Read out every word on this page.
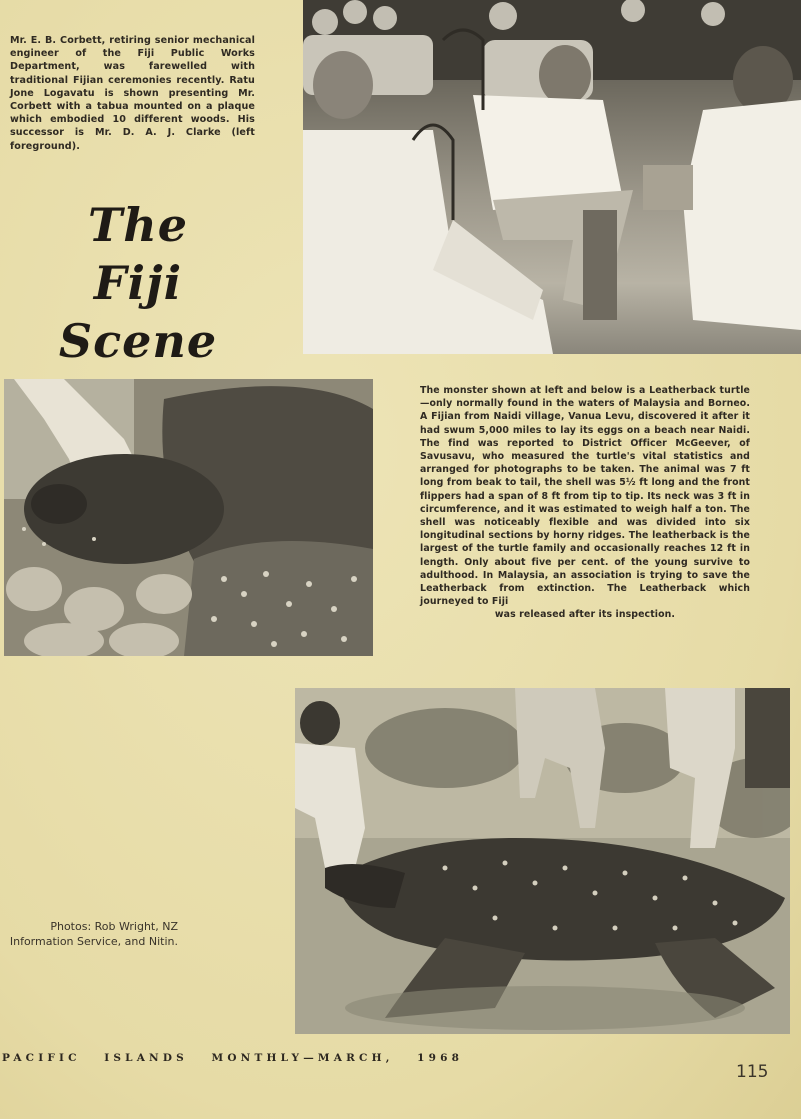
Mr. E. B. Corbett, retiring senior mechanical engineer of the Fiji Public Works Department, was farewelled with traditional Fijian ceremonies recently. Ratu Jone Logavatu is shown presenting Mr. Corbett with a tabua mounted on a plaque which embodied 10 different woods. His successor is Mr. D. A. J. Clarke (left foreground).
The Fiji
Scene
The monster shown at left and below is a Leatherback turtle—only normally found in the waters of Malaysia and Borneo. A Fijian from Naidi village, Vanua Levu, discovered it after it had swum 5,000 miles to lay its eggs on a beach near Naidi. The find was reported to District Officer McGeever, of Savusavu, who measured the turtle's vital statistics and arranged for photographs to be taken. The animal was 7 ft long from beak to tail, the shell was 5½ ft long and the front flippers had a span of 8 ft from tip to tip. Its neck was 3 ft in circumference, and it was estimated to weigh half a ton. The shell was noticeably flexible and was divided into six longitudinal sections by horny ridges. The leatherback is the largest of the turtle family and occasionally reaches 12 ft in length. Only about five per cent. of the young survive to adulthood. In Malaysia, an association is trying to save the Leatherback from extinction. The Leatherback which journeyed to Fiji
was released after its inspection.
Photos: Rob Wright, NZ
Information Service, and Nitin.
PACIFIC   ISLANDS   MONTHLY—MARCH,   1968
115
